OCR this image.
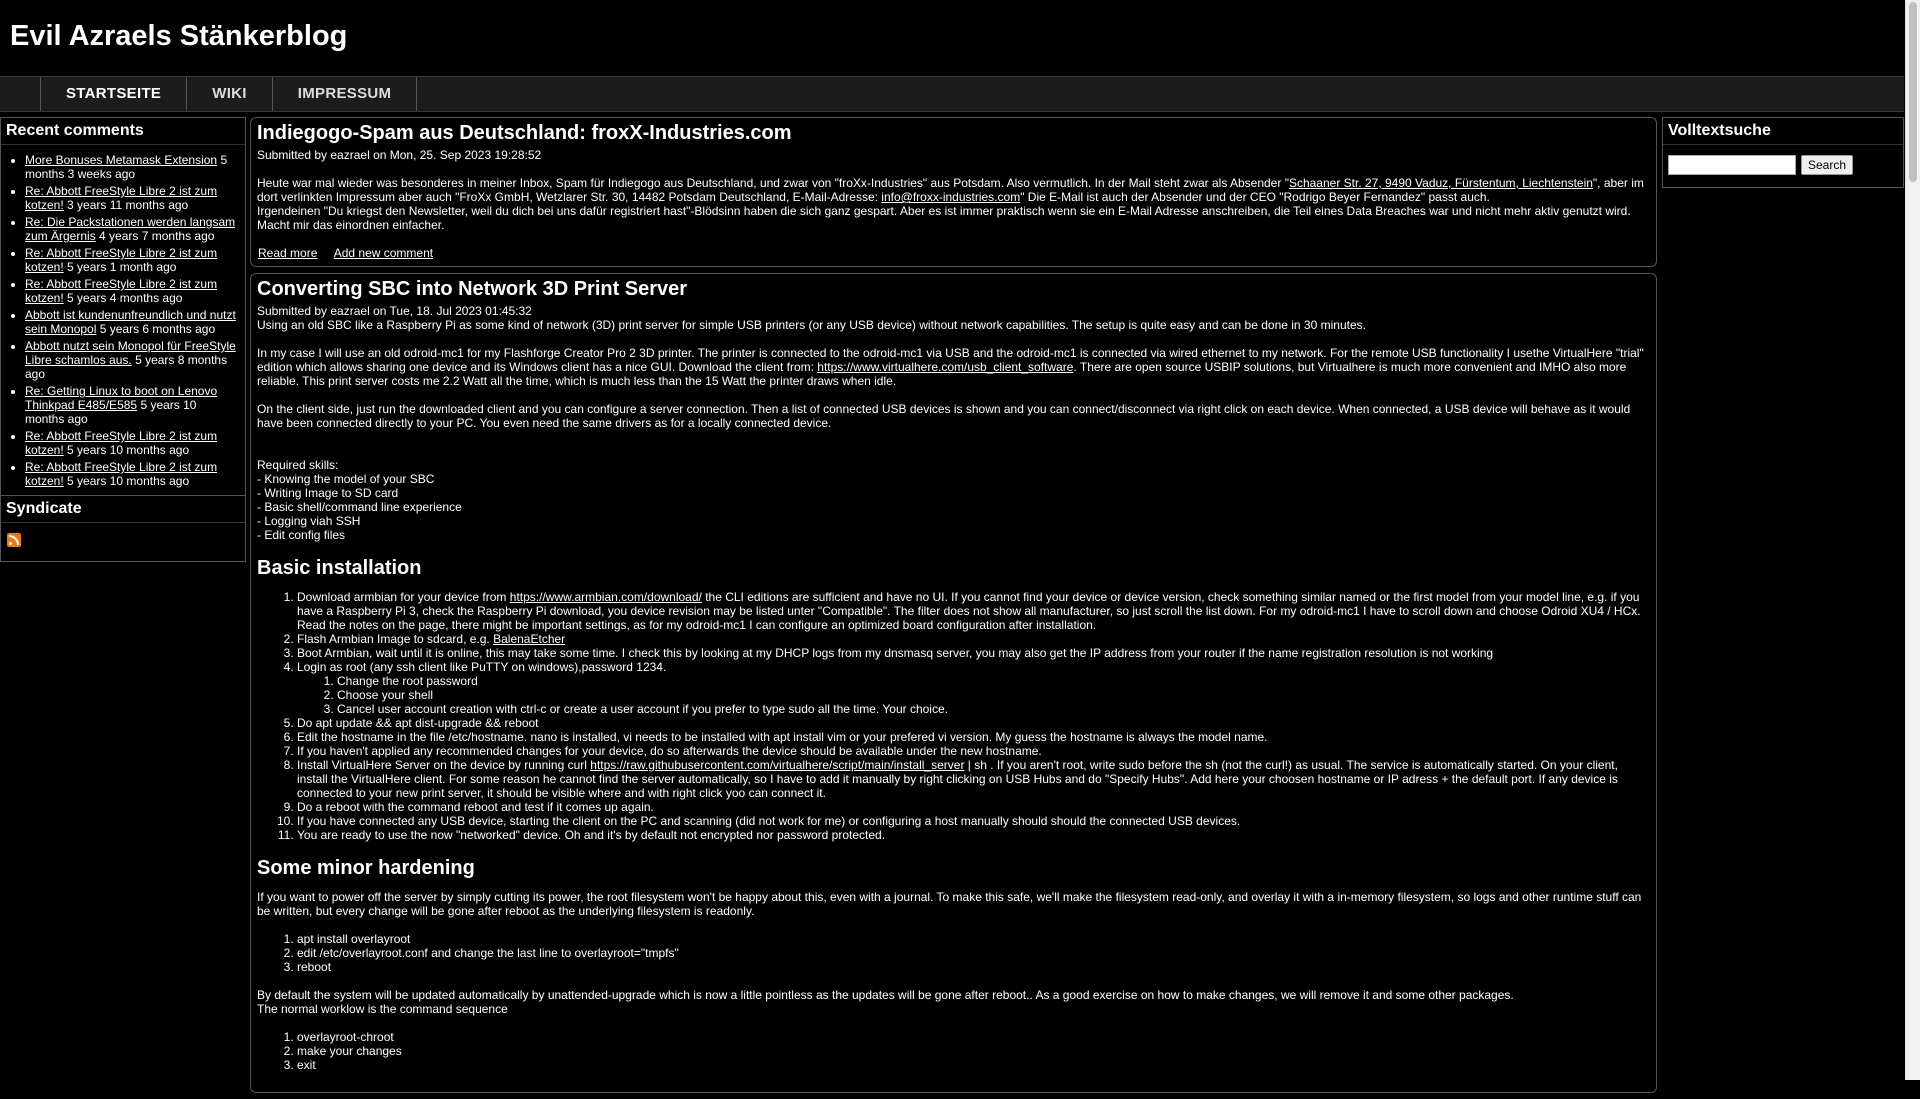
Evil Azraels Stänkerblog
STARTSEITE	WIKI	IMPRESSUM
Recent comments
• More Bonuses Metamask Extension 5 months 3 weeks ago
• Re: Abbott FreeStyle Libre 2 ist zum kotzen! 3 years 11 months ago
• Re: Die Packstationen werden langsam zum Ärgernis 4 years 7 months ago
• Re: Abbott FreeStyle Libre 2 ist zum kotzen! 5 years 1 month ago
• Re: Abbott FreeStyle Libre 2 ist zum kotzen! 5 years 4 months ago
• Abbott ist kundenunfreundlich und nutzt sein Monopol 5 years 6 months ago
• Abbott nutzt sein Monopol für FreeStyle Libre schamlos aus. 5 years 8 months ago
• Re: Getting Linux to boot on Lenovo Thinkpad E485/E585 5 years 10 months ago
• Re: Abbott FreeStyle Libre 2 ist zum kotzen! 5 years 10 months ago
• Re: Abbott FreeStyle Libre 2 ist zum kotzen! 5 years 10 months ago
Syndicate
Indiegogo-Spam aus Deutschland: froxX-Industries.com
Submitted by eazrael on Mon, 25. Sep 2023 19:28:52

Heute war mal wieder was besonderes in meiner Inbox, Spam für Indiegogo aus Deutschland, und zwar von "froXx-Industries" aus Potsdam. Also vermutlich. In der Mail steht zwar als Absender "Schaaner Str. 27, 9490 Vaduz, Fürstentum, Liechtenstein", aber im dort verlinkten Impressum aber auch "FroXx GmbH, Wetzlarer Str. 30, 14482 Potsdam Deutschland, E-Mail-Adresse: info@froxx-industries.com" Die E-Mail ist auch der Absender und der CEO "Rodrigo Beyer Fernandez" passt auch.
Irgendeinen "Du kriegst den Newsletter, weil du dich bei uns dafür registriert hast"-Blödsinn haben die sich ganz gespart. Aber es ist immer praktisch wenn sie ein E-Mail Adresse anschreiben, die Teil eines Data Breaches war und nicht mehr aktiv genutzt wird. Macht mir das einordnen einfacher.

Read more Add new comment
Converting SBC into Network 3D Print Server
Submitted by eazrael on Tue, 18. Jul 2023 01:45:32

Using an old SBC like a Raspberry Pi as some kind of network (3D) print server for simple USB printers (or any USB device) without network capabilities. The setup is quite easy and can be done in 30 minutes.

In my case I will use an old odroid-mc1 for my Flashforge Creator Pro 2 3D printer. The printer is connected to the odroid-mc1 via USB and the odroid-mc1 is connected via wired ethernet to my network. For the remote USB functionality I usethe VirtualHere "trial" edition which allows sharing one device and its Windows client has a nice GUI. Download the client from: https://www.virtualhere.com/usb_client_software. There are open source USBIP solutions, but Virtualhere is much more convenient and IMHO also more reliable. This print server costs me 2.2 Watt all the time, which is much less than the 15 Watt the printer draws when idle.

On the client side, just run the downloaded client and you can configure a server connection. Then a list of connected USB devices is shown and you can connect/disconnect via right click on each device. When connected, a USB device will behave as it would have been connected directly to your PC. You even need the same drivers as for a locally connected device.

Required skills:
- Knowing the model of your SBC
- Writing Image to SD card
- Basic shell/command line experience
- Logging viah SSH
- Edit config files

Basic installation
1. Download armbian for your device from https://www.armbian.com/download/ the CLI editions are sufficient and have no UI. If you cannot find your device or device version, check something similar named or the first model from your model line, e.g. if you have a Raspberry Pi 3, check the Raspberry Pi download, you device revision may be listed unter "Compatible". The filter does not show all manufacturer, so just scroll the list down. For my odroid-mc1 I have to scroll down and choose Odroid XU4 / HCx. Read the notes on the page, there might be important settings, as for my odroid-mc1 I can configure an optimized board configuration after installation.
2. Flash Armbian Image to sdcard, e.g. BalenaEtcher
3. Boot Armbian, wait until it is online, this may take some time. I check this by looking at my DHCP logs from my dnsmasq server, you may also get the IP address from your router if the name registration resolution is not working
4. Login as root (any ssh client like PuTTY on windows),password 1234.
1. Change the root password
2. Choose your shell
3. Cancel user account creation with ctrl-c or create a user account if you prefer to type sudo all the time. Your choice.
5. Do apt update && apt dist-upgrade && reboot
6. Edit the hostname in the file /etc/hostname. nano is installed, vi needs to be installed with apt install vim or your prefered vi version. My guess the hostname is always the model name.
7. If you haven't applied any recommended changes for your device, do so afterwards the device should be available under the new hostname.
8. Install VirtualHere Server on the device by running curl https://raw.githubusercontent.com/virtualhere/script/main/install_server | sh . If you aren't root, write sudo before the sh (not the curl!) as usual. The service is automatically started. On your client, install the VirtualHere client. For some reason he cannot find the server automatically, so I have to add it manually by right clicking on USB Hubs and do "Specify Hubs". Add here your choosen hostname or IP adress + the default port. If any device is connected to your new print server, it should be visible where and with right click yoo can connect it.
9. Do a reboot with the command reboot and test if it comes up again.
10. If you have connected any USB device, starting the client on the PC and scanning (did not work for me) or configuring a host manually should should the connected USB devices.
11. You are ready to use the now "networked" device. Oh and it's by default not encrypted nor password protected.
Some minor hardening

If you want to power off the server by simply cutting its power, the root filesystem won't be happy about this, even with a journal. To make this safe, we'll make the filesystem read-only, and overlay it with a in-memory filesystem, so logs and other runtime stuff can be written, but every change will be gone after reboot as the underlying filesystem is readonly.

1. apt install overlayroot
2. edit /etc/overlayroot.conf and change the last line to overlayroot="tmpfs"
3. reboot

By default the system will be updated automatically by unattended-upgrade which is now a little pointless as the updates will be gone after reboot.. As a good exercise on how to make changes, we will remove it and some other packages.
The normal worklow is the command sequence

1. overlayroot-chroot
2. make your changes
3. exit
Volltextsuche
Search
